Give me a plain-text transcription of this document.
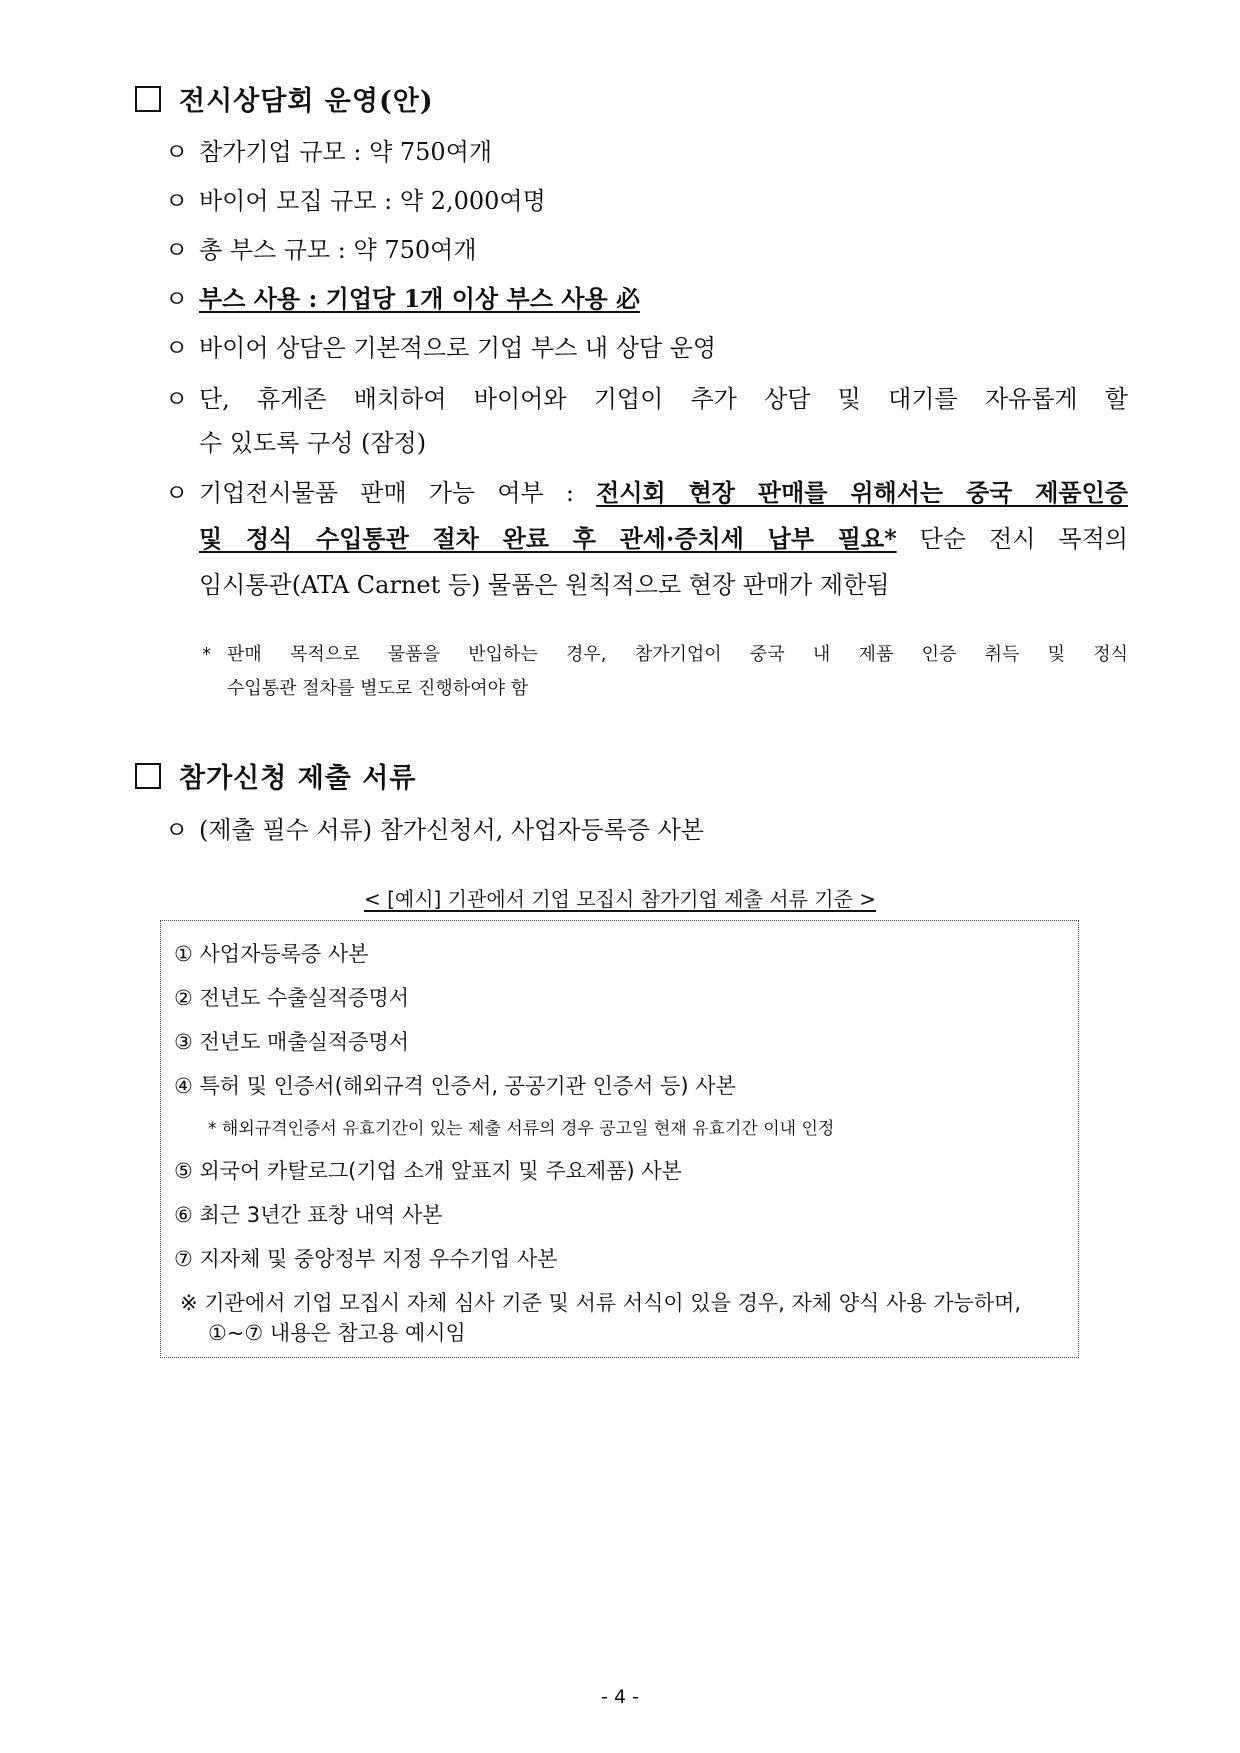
전시상담회 운영(안)
ㅇ 참가기업 규모 : 약 750여개
ㅇ 바이어 모집 규모 : 약 2,000여명
ㅇ 총 부스 규모 : 약 750여개
ㅇ 부스 사용 : 기업당 1개 이상 부스 사용 必
ㅇ 바이어 상담은 기본적으로 기업 부스 내 상담 운영
ㅇ 단, 휴게존 배치하여 바이어와 기업이 추가 상담 및 대기를 자유롭게 할
수 있도록 구성 (잠정)
ㅇ 기업전시물품 판매 가능 여부 : 전시회 현장 판매를 위해서는 중국 제품인증
및 정식 수입통관 절차 완료 후 관세·증치세 납부 필요* 단순 전시 목적의
임시통관(ATA Carnet 등) 물품은 원칙적으로 현장 판매가 제한됨
* 판매 목적으로 물품을 반입하는 경우, 참가기업이 중국 내 제품 인증 취득 및 정식
수입통관 절차를 별도로 진행하여야 함
참가신청 제출 서류
ㅇ (제출 필수 서류) 참가신청서, 사업자등록증 사본
< [예시] 기관에서 기업 모집시 참가기업 제출 서류 기준 >
① 사업자등록증 사본
② 전년도 수출실적증명서
③ 전년도 매출실적증명서
④ 특허 및 인증서(해외규격 인증서, 공공기관 인증서 등) 사본
* 해외규격인증서 유효기간이 있는 제출 서류의 경우 공고일 현재 유효기간 이내 인정
⑤ 외국어 카탈로그(기업 소개 앞표지 및 주요제품) 사본
⑥ 최근 3년간 표창 내역 사본
⑦ 지자체 및 중앙정부 지정 우수기업 사본
※ 기관에서 기업 모집시 자체 심사 기준 및 서류 서식이 있을 경우, 자체 양식 사용 가능하며,
①~⑦ 내용은 참고용 예시임
- 4 -
